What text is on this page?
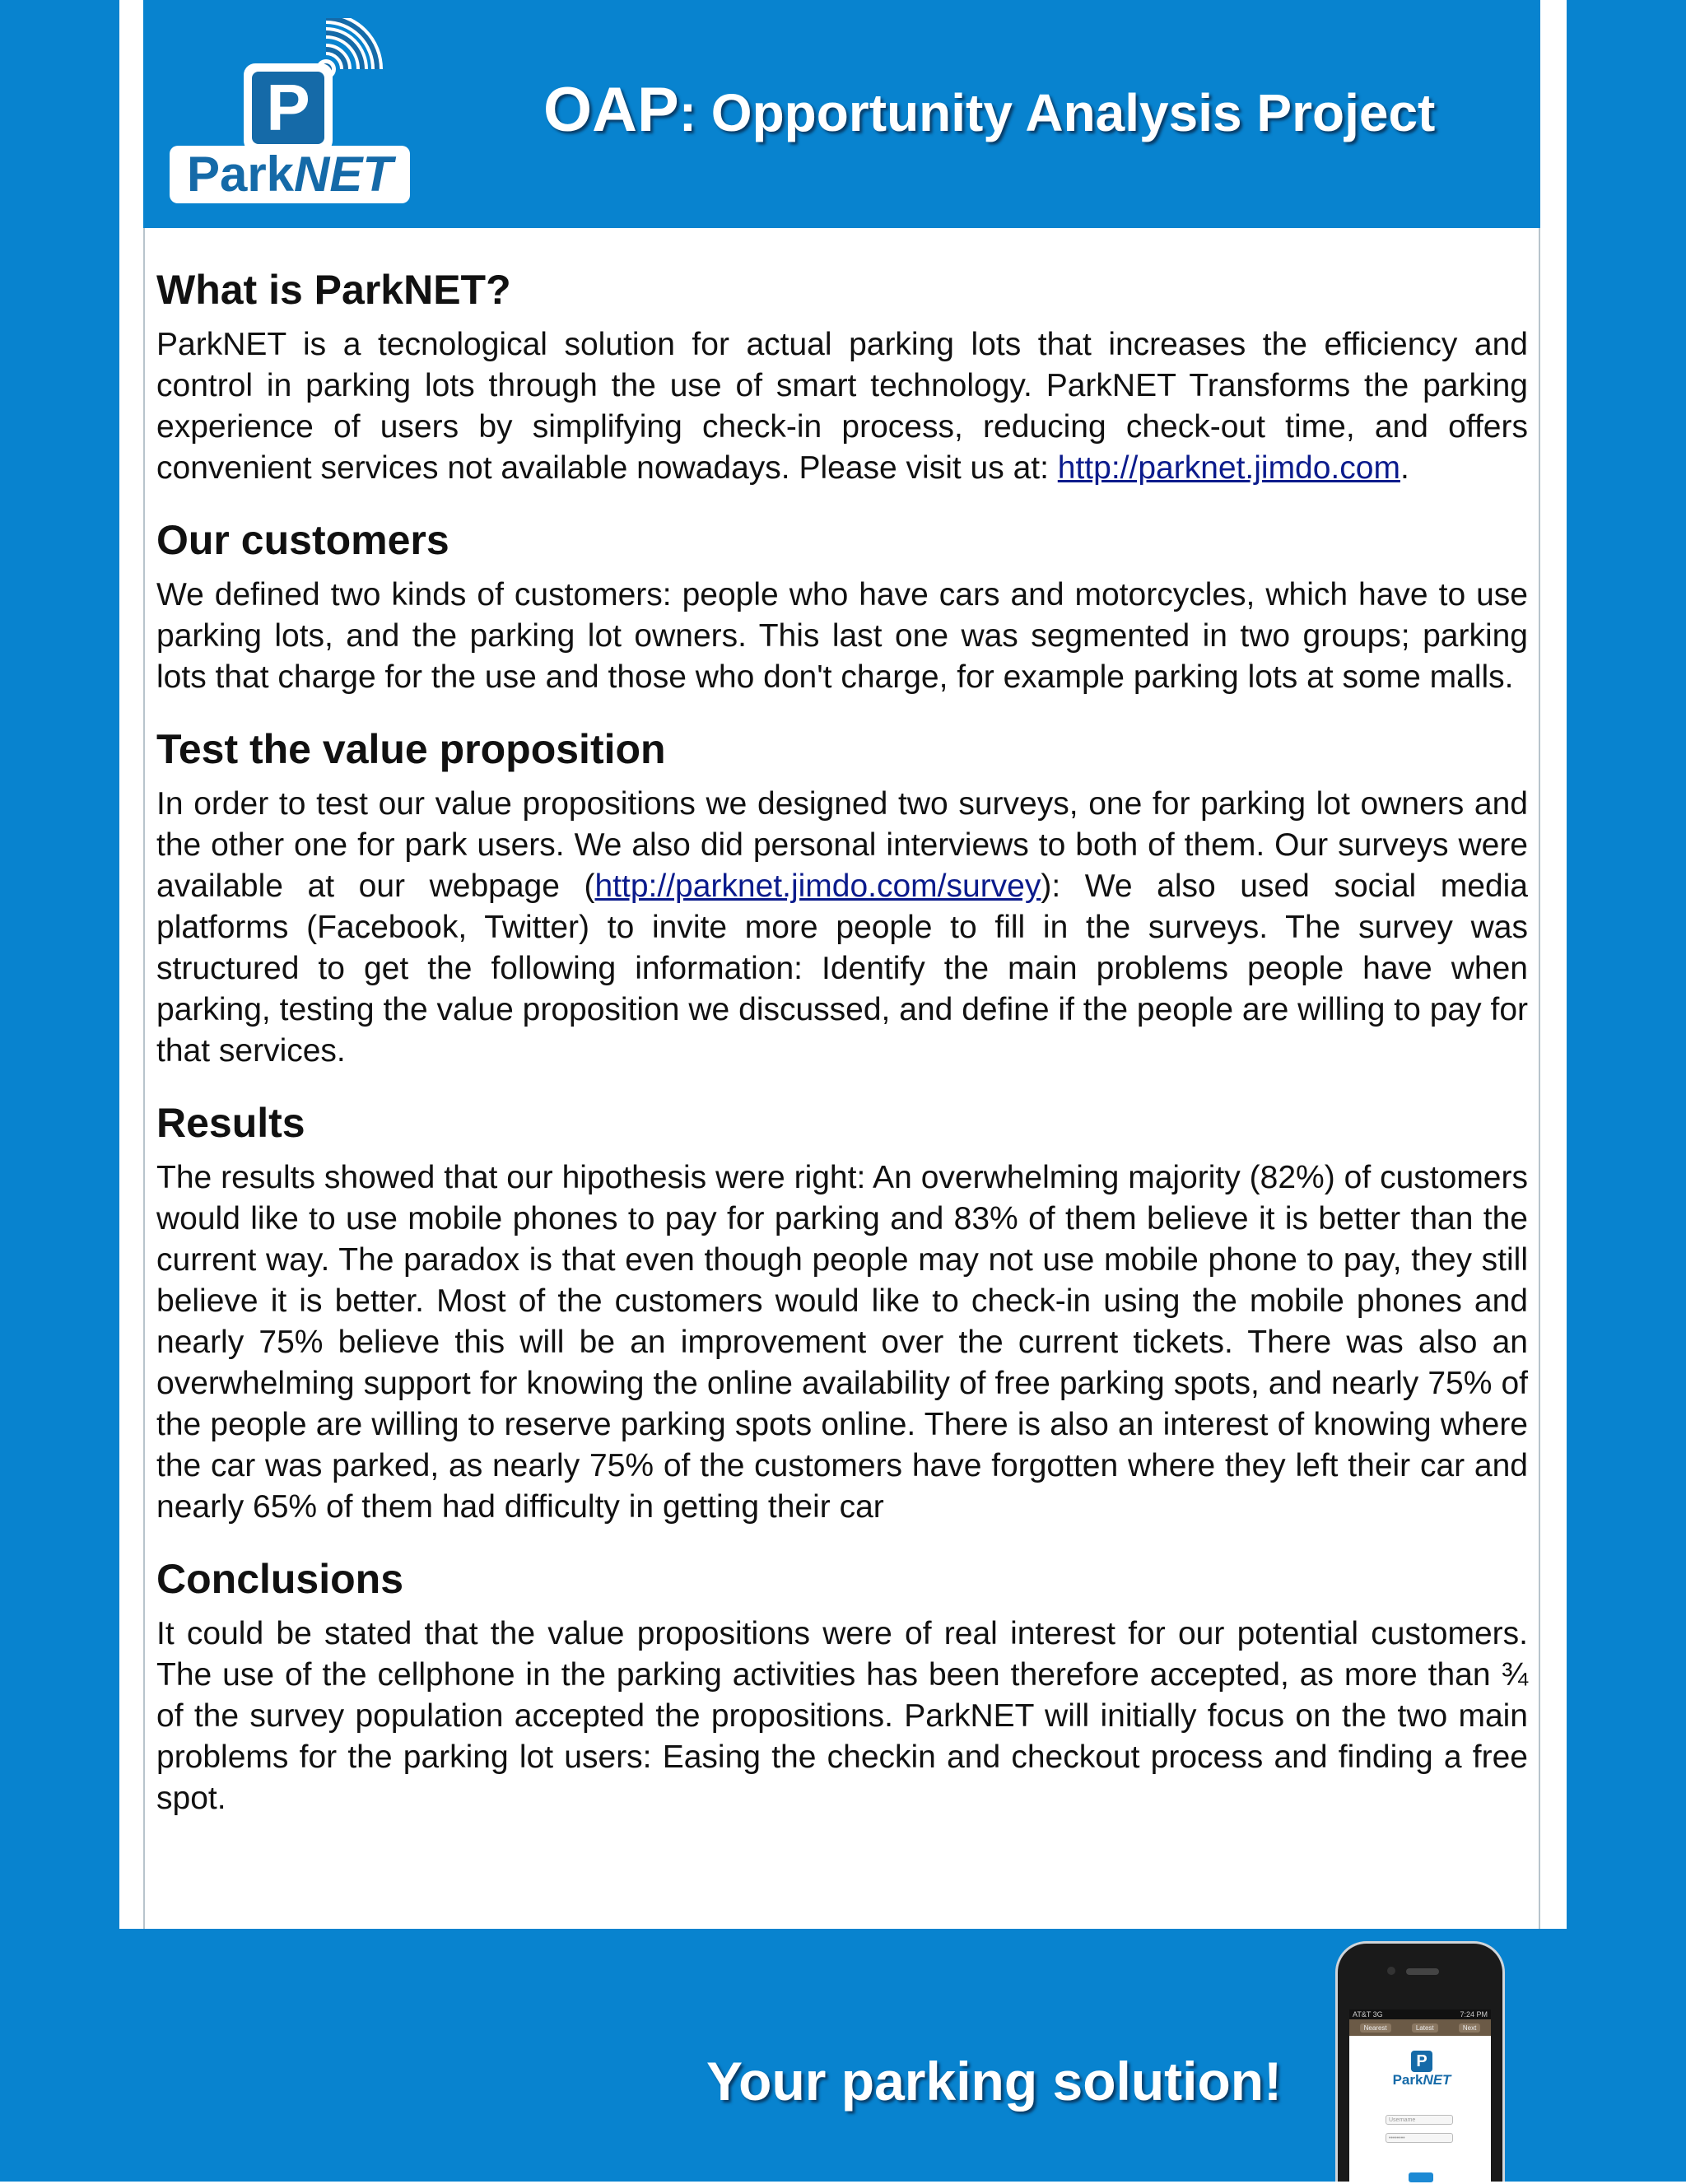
P
ParkNET
OAP: Opportunity Analysis Project
What is ParkNET?

ParkNET is a tecnological solution for actual parking lots that increases the efficiency and control in parking lots through the use of smart technology. ParkNET Transforms the parking experience of users by simplifying check-in process, reducing check-out time, and offers convenient services not available nowadays. Please visit us at: http://parknet.jimdo.com.

Our customers

We defined two kinds of customers: people who have cars and motorcycles, which have to use parking lots, and the parking lot owners. This last one was segmented in two groups; parking lots that charge for the use and those who don't charge, for example parking lots at some malls.

Test the value proposition

In order to test our value propositions we designed two surveys, one for parking lot owners and the other one for park users. We also did personal interviews to both of them. Our surveys were available at our webpage (http://parknet.jimdo.com/survey): We also used social media platforms (Facebook, Twitter) to invite more people to fill in the surveys. The survey was structured to get the following information: Identify the main problems people have when parking, testing the value proposition we discussed, and define if the people are willing to pay for that services.

Results

The results showed that our hipothesis were right: An overwhelming majority (82%) of customers would like to use mobile phones to pay for parking and 83% of them believe it is better than the current way. The paradox is that even though people may not use mobile phone to pay, they still believe it is better. Most of the customers would like to check-in using the mobile phones and nearly 75% believe this will be an improvement over the current tickets. There was also an overwhelming support for knowing the online availability of free parking spots, and nearly 75% of the people are willing to reserve parking spots online. There is also an interest of knowing where the car was parked, as nearly 75% of the customers have forgotten where they left their car and nearly 65% of them had difficulty in getting their car

Conclusions

It could be stated that the value propositions were of real interest for our potential customers. The use of the cellphone in the parking activities has been therefore accepted, as more than ¾ of the survey population accepted the propositions. ParkNET will initially focus on the two main problems for the parking lot users: Easing the checkin and checkout process and finding a free spot.

Your parking solution!
AT&T 3G	7:24 PM
Nearest	Latest	Next
P
ParkNET
Username
••••••••
